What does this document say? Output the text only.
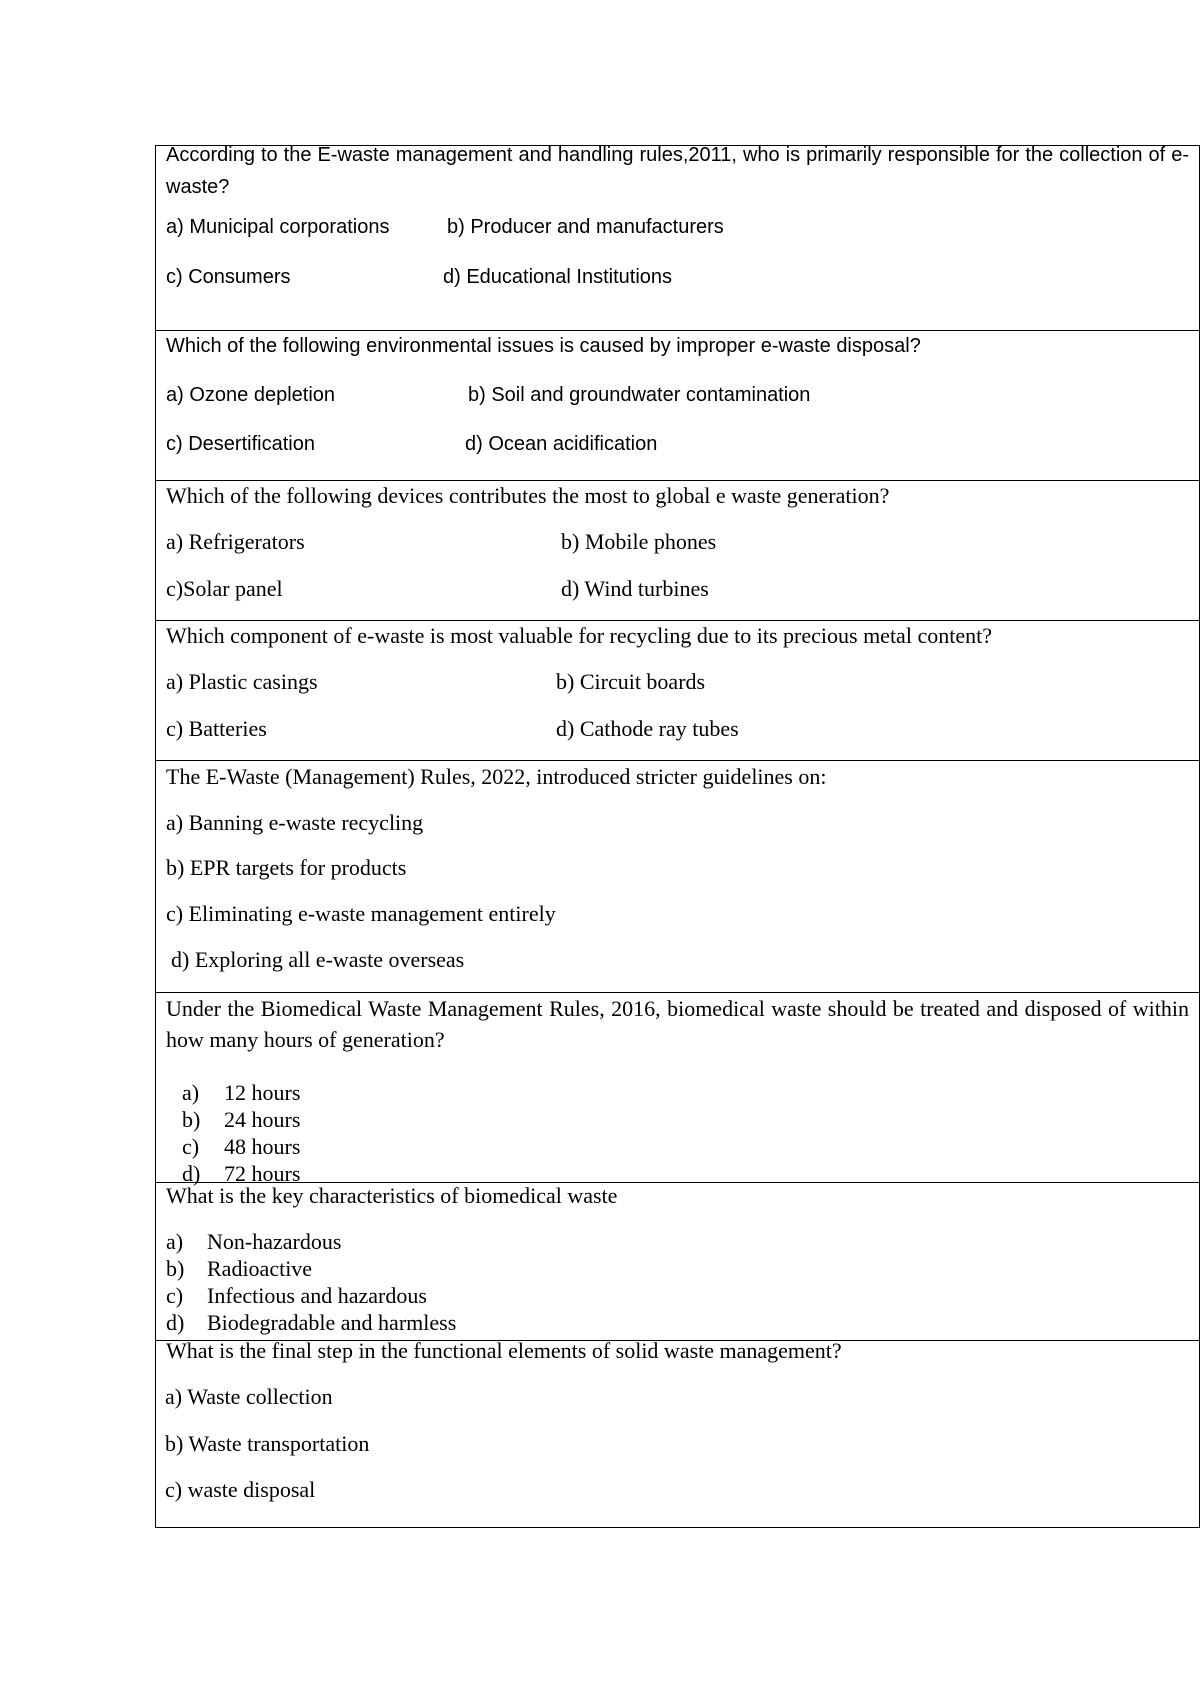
According to the E-waste management and handling rules,2011, who is primarily responsible for the collection of e-waste?
a) Municipal corporations	b) Producer and manufacturers
c) Consumers	d) Educational Institutions
Which of the following environmental issues is caused by improper e-waste disposal?
a) Ozone depletion	b) Soil and groundwater contamination
c) Desertification	d) Ocean acidification
Which of the following devices contributes the most to global e waste generation?
a) Refrigerators	b) Mobile phones
c)Solar panel	d) Wind turbines
Which component of e-waste is most valuable for recycling due to its precious metal content?
a) Plastic casings	b) Circuit boards
c) Batteries	d) Cathode ray tubes
The E-Waste (Management) Rules, 2022, introduced stricter guidelines on:
a) Banning e-waste recycling
b) EPR targets for products
c) Eliminating e-waste management entirely
d) Exploring all e-waste overseas
Under the Biomedical Waste Management Rules, 2016, biomedical waste should be treated and disposed of within how many hours of generation?
a) 12 hours
b) 24 hours
c) 48 hours
d) 72 hours
What is the key characteristics of biomedical waste
a) Non-hazardous
b) Radioactive
c) Infectious and hazardous
d) Biodegradable and harmless
What is the final step in the functional elements of solid waste management?
a) Waste collection
b) Waste transportation
c) waste disposal
